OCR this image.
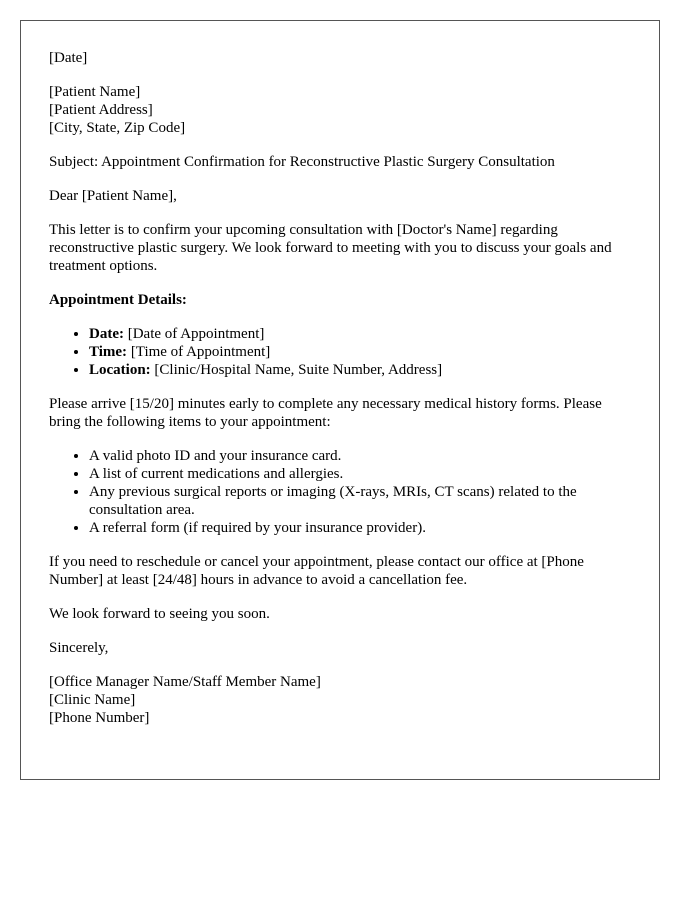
[Date]

[Patient Name]
[Patient Address]
[City, State, Zip Code]

Subject: Appointment Confirmation for Reconstructive Plastic Surgery Consultation

Dear [Patient Name],

This letter is to confirm your upcoming consultation with [Doctor's Name] regarding reconstructive plastic surgery. We look forward to meeting with you to discuss your goals and treatment options.

Appointment Details:

• Date: [Date of Appointment]
• Time: [Time of Appointment]
• Location: [Clinic/Hospital Name, Suite Number, Address]

Please arrive [15/20] minutes early to complete any necessary medical history forms. Please bring the following items to your appointment:

• A valid photo ID and your insurance card.
• A list of current medications and allergies.
• Any previous surgical reports or imaging (X-rays, MRIs, CT scans) related to the consultation area.
• A referral form (if required by your insurance provider).

If you need to reschedule or cancel your appointment, please contact our office at [Phone Number] at least [24/48] hours in advance to avoid a cancellation fee.

We look forward to seeing you soon.

Sincerely,

[Office Manager Name/Staff Member Name]
[Clinic Name]
[Phone Number]
